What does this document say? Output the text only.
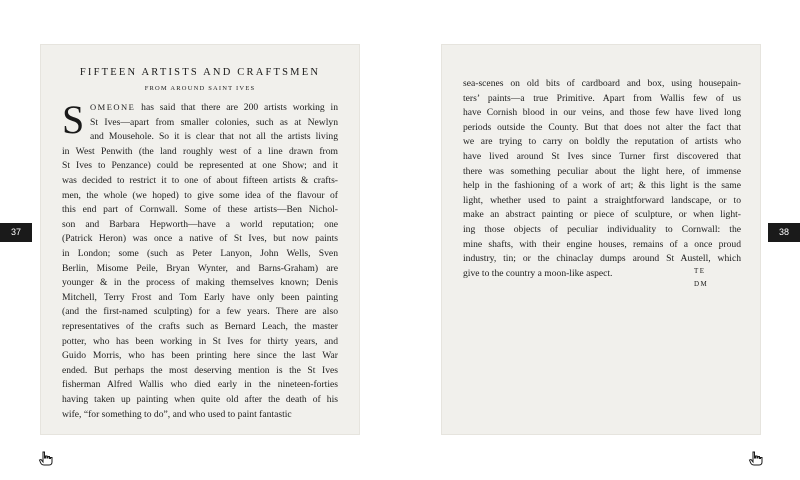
FIFTEEN ARTISTS AND CRAFTSMEN
FROM AROUND SAINT IVES
S OMEONE has said that there are 200 artists working in
St Ives—apart from smaller colonies, such as at Newlyn
and Mousehole. So it is clear that not all the artists living
in West Penwith (the land roughly west of a line drawn from
St Ives to Penzance) could be represented at one Show; and it
was decided to restrict it to one of about fifteen artists & crafts-
men, the whole (we hoped) to give some idea of the flavour of
this end part of Cornwall. Some of these artists—Ben Nichol-
son and Barbara Hepworth—have a world reputation; one
(Patrick Heron) was once a native of St Ives, but now paints
in London; some (such as Peter Lanyon, John Wells, Sven
Berlin, Misome Peile, Bryan Wynter, and Barns-Graham) are
younger & in the process of making themselves known; Denis
Mitchell, Terry Frost and Tom Early have only been painting
(and the first-named sculpting) for a few years. There are also
representatives of the crafts such as Bernard Leach, the master
potter, who has been working in St Ives for thirty years, and
Guido Morris, who has been printing here since the last War
ended. But perhaps the most deserving mention is the St Ives
fisherman Alfred Wallis who died early in the nineteen-forties
having taken up painting when quite old after the death of his
wife, “for something to do”, and who used to paint fantastic
sea-scenes on old bits of cardboard and box, using housepain-
ters’ paints—a true Primitive. Apart from Wallis few of us
have Cornish blood in our veins, and those few have lived long
periods outside the County. But that does not alter the fact that
we are trying to carry on boldly the reputation of artists who
have lived around St Ives since Turner first discovered that
there was something peculiar about the light here, of immense
help in the fashioning of a work of art; & this light is the same
light, whether used to paint a straightforward landscape, or to
make an abstract painting or piece of sculpture, or when light-
ing those objects of peculiar individuality to Cornwall: the
mine shafts, with their engine houses, remains of a once proud
industry, tin; or the chinaclay dumps around St Austell, which
give to the country a moon-like aspect.	TE
DM
37	38
